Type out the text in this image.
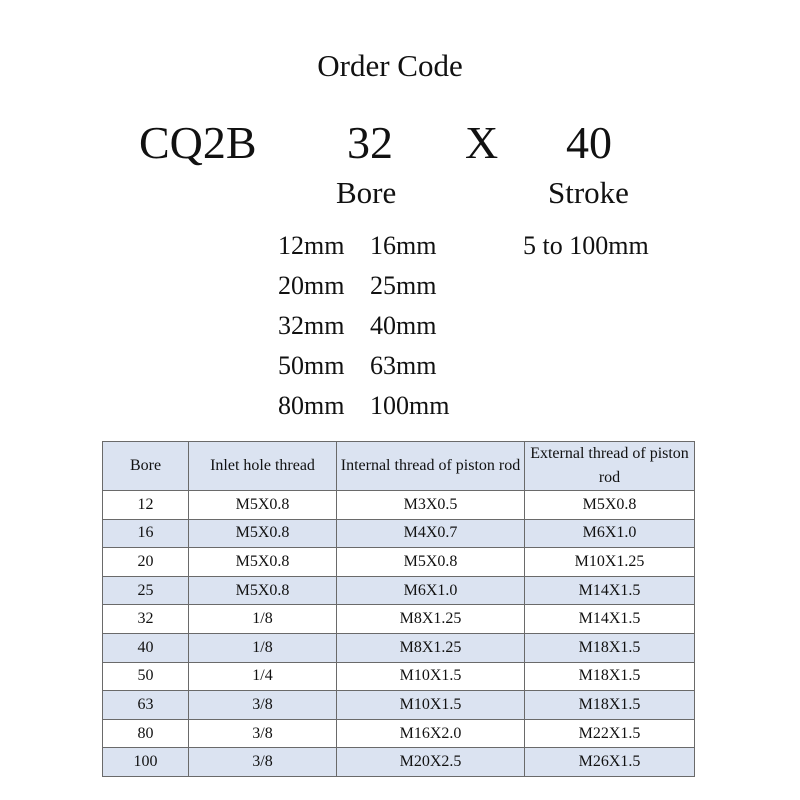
Order Code
CQ2B 32 X 40
Bore	Stroke
12mm 16mm
20mm 25mm
32mm 40mm
50mm 63mm
80mm 100mm
5 to 100mm
Bore	Inlet hole thread	Internal thread of piston rod	External thread of piston rod
12	M5X0.8	M3X0.5	M5X0.8
16	M5X0.8	M4X0.7	M6X1.0
20	M5X0.8	M5X0.8	M10X1.25
25	M5X0.8	M6X1.0	M14X1.5
32	1/8	M8X1.25	M14X1.5
40	1/8	M8X1.25	M18X1.5
50	1/4	M10X1.5	M18X1.5
63	3/8	M10X1.5	M18X1.5
80	3/8	M16X2.0	M22X1.5
100	3/8	M20X2.5	M26X1.5
